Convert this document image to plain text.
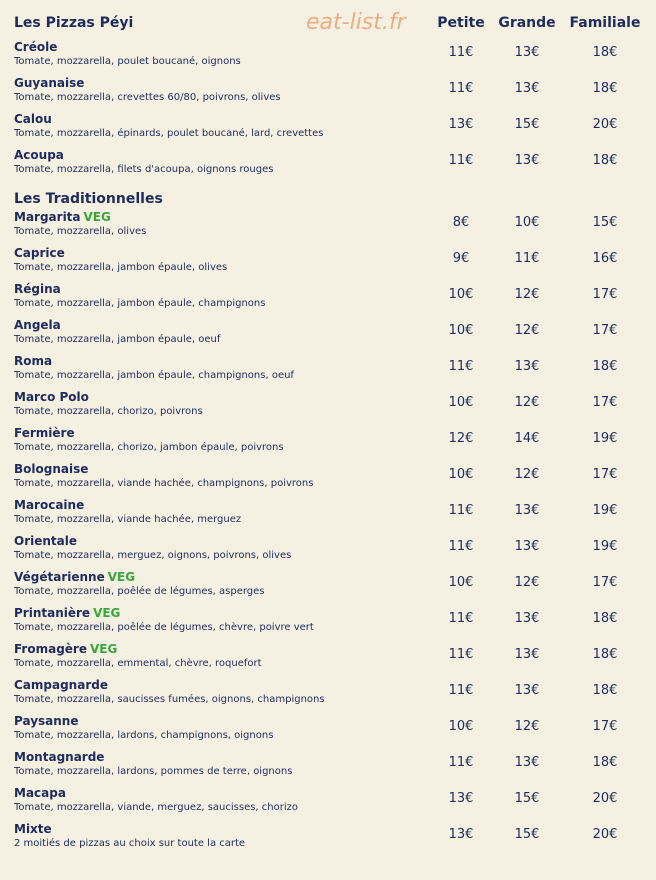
Les Pizzas Péyi	eat-list.fr	Petite Grande Familiale
Créole
Tomate, mozzarella, poulet boucané, oignons
11€	13€	18€
Guyanaise
Tomate, mozzarella, crevettes 60/80, poivrons, olives
11€	13€	18€
Calou
Tomate, mozzarella, épinards, poulet boucané, lard, crevettes
13€	15€	20€
Acoupa
Tomate, mozzarella, filets d'acoupa, oignons rouges
11€	13€	18€
Les Traditionnelles
Margarita VEG
Tomate, mozzarella, olives
8€	10€	15€
Caprice
Tomate, mozzarella, jambon épaule, olives
9€	11€	16€
Régina
Tomate, mozzarella, jambon épaule, champignons
10€	12€	17€
Angela
Tomate, mozzarella, jambon épaule, oeuf
10€	12€	17€
Roma
Tomate, mozzarella, jambon épaule, champignons, oeuf
11€	13€	18€
Marco Polo
Tomate, mozzarella, chorizo, poivrons
10€	12€	17€
Fermière
Tomate, mozzarella, chorizo, jambon épaule, poivrons
12€	14€	19€
Bolognaise
Tomate, mozzarella, viande hachée, champignons, poivrons
10€	12€	17€
Marocaine
Tomate, mozzarella, viande hachée, merguez
11€	13€	19€
Orientale
Tomate, mozzarella, merguez, oignons, poivrons, olives
11€	13€	19€
Végétarienne VEG
Tomate, mozzarella, poêlée de légumes, asperges
10€	12€	17€
Printanière VEG
Tomate, mozzarella, poêlée de légumes, chèvre, poivre vert
11€	13€	18€
Fromagère VEG
Tomate, mozzarella, emmental, chèvre, roquefort
11€	13€	18€
Campagnarde
Tomate, mozzarella, saucisses fumées, oignons, champignons
11€	13€	18€
Paysanne
Tomate, mozzarella, lardons, champignons, oignons
10€	12€	17€
Montagnarde
Tomate, mozzarella, lardons, pommes de terre, oignons
11€	13€	18€
Macapa
Tomate, mozzarella, viande, merguez, saucisses, chorizo
13€	15€	20€
Mixte
2 moitiés de pizzas au choix sur toute la carte
13€	15€	20€
